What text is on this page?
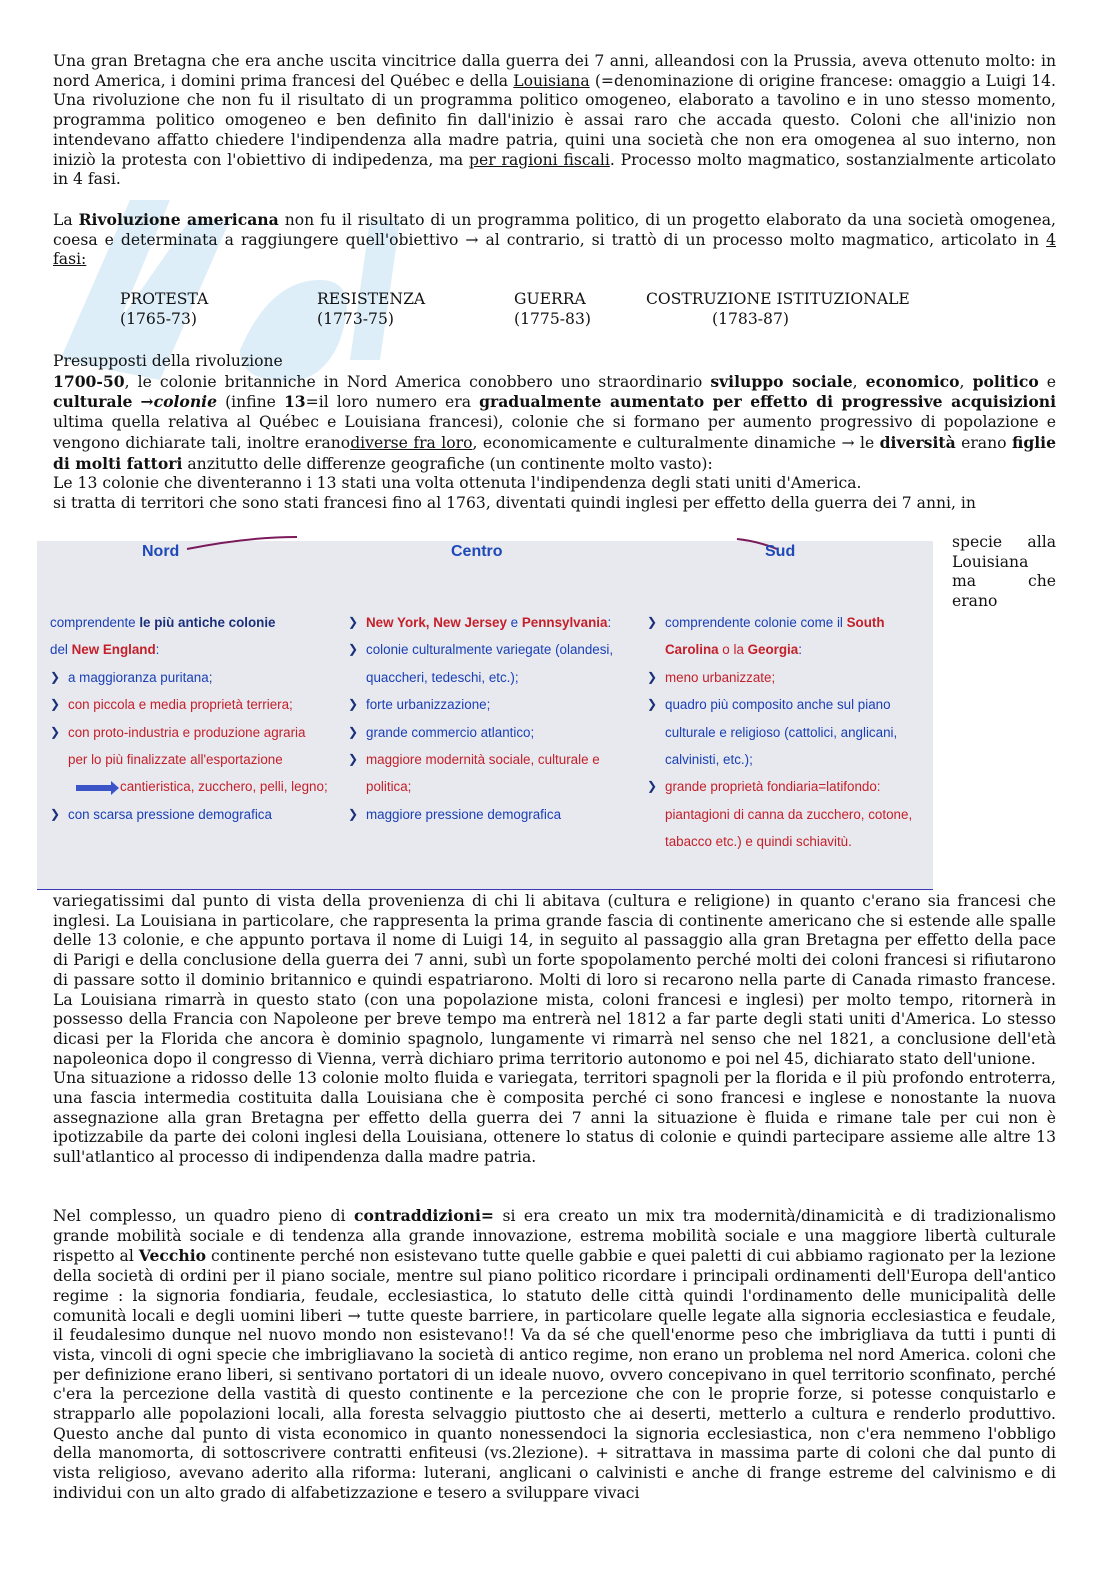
Una gran Bretagna che era anche uscita vincitrice dalla guerra dei 7 anni, alleandosi con la Prussia, aveva ottenuto molto: in nord America, i domini prima francesi del Québec e della Louisiana (=denominazione di origine francese: omaggio a Luigi 14. Una rivoluzione che non fu il risultato di un programma politico omogeneo, elaborato a tavolino e in uno stesso momento, programma politico omogeneo e ben definito fin dall'inizio è assai raro che accada questo. Coloni che all'inizio non intendevano affatto chiedere l'indipendenza alla madre patria, quini una società che non era omogenea al suo interno, non iniziò la protesta con l'obiettivo di indipedenza, ma per ragioni fiscali. Processo molto magmatico, sostanzialmente articolato in 4 fasi.

La Rivoluzione americana non fu il risultato di un programma politico, di un progetto elaborato da una società omogenea, coesa e determinata a raggiungere quell'obiettivo → al contrario, si trattò di un processo molto magmatico, articolato in 4 fasi:

PROTESTA
(1765-73)
RESISTENZA
(1773-75)
GUERRA
(1775-83)
COSTRUZIONE ISTITUZIONALE
(1783-87)

Presupposti della rivoluzione
1700-50, le colonie britanniche in Nord America conobbero uno straordinario sviluppo sociale, economico, politico e culturale →colonie (infine 13=il loro numero era gradualmente aumentato per effetto di progressive acquisizioni ultima quella relativa al Québec e Louisiana francesi), colonie che si formano per aumento progressivo di popolazione e vengono dichiarate tali, inoltre eranodiverse fra loro, economicamente e culturalmente dinamiche → le diversità erano figlie di molti fattori anzitutto delle differenze geografiche (un continente molto vasto):
Le 13 colonie che diventeranno i 13 stati una volta ottenuta l'indipendenza degli stati uniti d'America.
si tratta di territori che sono stati francesi fino al 1763, diventati quindi inglesi per effetto della guerra dei 7 anni, in

specie alla
Louisiana
ma che
erano
Nord	Centro	Sud
comprendente le più antiche colonie
del New England:
❯ a maggioranza puritana;
❯ con piccola e media proprietà terriera;
❯ con proto-industria e produzione agraria per lo più finalizzate all'esportazionecantieristica, zucchero, pelli, legno;
❯ con scarsa pressione demografica
❯ New York, New Jersey e Pennsylvania:
❯ colonie culturalmente variegate (olandesi, quaccheri, tedeschi, etc.);
❯ forte urbanizzazione;
❯ grande commercio atlantico;
❯ maggiore modernità sociale, culturale e politica;
❯ maggiore pressione demografica
❯ comprendente colonie come il South Carolina o la Georgia:
❯ meno urbanizzate;
❯ quadro più composito anche sul piano culturale e religioso (cattolici, anglicani, calvinisti, etc.);
❯ grande proprietà fondiaria=latifondo: piantagioni di canna da zucchero, cotone, tabacco etc.) e quindi schiavitù.

variegatissimi dal punto di vista della provenienza di chi li abitava (cultura e religione) in quanto c'erano sia francesi che inglesi. La Louisiana in particolare, che rappresenta la prima grande fascia di continente americano che si estende alle spalle delle 13 colonie, e che appunto portava il nome di Luigi 14, in seguito al passaggio alla gran Bretagna per effetto della pace di Parigi e della conclusione della guerra dei 7 anni, subì un forte spopolamento perché molti dei coloni francesi si rifiutarono di passare sotto il dominio britannico e quindi espatriarono. Molti di loro si recarono nella parte di Canada rimasto francese. La Louisiana rimarrà in questo stato (con una popolazione mista, coloni francesi e inglesi) per molto tempo, ritornerà in possesso della Francia con Napoleone per breve tempo ma entrerà nel 1812 a far parte degli stati uniti d'America. Lo stesso dicasi per la Florida che ancora è dominio spagnolo, lungamente vi rimarrà nel senso che nel 1821, a conclusione dell'età napoleonica dopo il congresso di Vienna, verrà dichiaro prima territorio autonomo e poi nel 45, dichiarato stato dell'unione.
Una situazione a ridosso delle 13 colonie molto fluida e variegata, territori spagnoli per la florida e il più profondo entroterra, una fascia intermedia costituita dalla Louisiana che è composita perché ci sono francesi e inglese e nonostante la nuova assegnazione alla gran Bretagna per effetto della guerra dei 7 anni la situazione è fluida e rimane tale per cui non è ipotizzabile da parte dei coloni inglesi della Louisiana, ottenere lo status di colonie e quindi partecipare assieme alle altre 13 sull'atlantico al processo di indipendenza dalla madre patria.

Nel complesso, un quadro pieno di contraddizioni= si era creato un mix tra modernità/dinamicità e di tradizionalismo grande mobilità sociale e di tendenza alla grande innovazione, estrema mobilità sociale e una maggiore libertà culturale rispetto al Vecchio continente perché non esistevano tutte quelle gabbie e quei paletti di cui abbiamo ragionato per la lezione della società di ordini per il piano sociale, mentre sul piano politico ricordare i principali ordinamenti dell'Europa dell'antico regime : la signoria fondiaria, feudale, ecclesiastica, lo statuto delle città quindi l'ordinamento delle municipalità delle comunità locali e degli uomini liberi → tutte queste barriere, in particolare quelle legate alla signoria ecclesiastica e feudale, il feudalesimo dunque nel nuovo mondo non esistevano!! Va da sé che quell'enorme peso che imbrigliava da tutti i punti di vista, vincoli di ogni specie che imbrigliavano la società di antico regime, non erano un problema nel nord America. coloni che per definizione erano liberi, si sentivano portatori di un ideale nuovo, ovvero concepivano in quel territorio sconfinato, perché c'era la percezione della vastità di questo continente e la percezione che con le proprie forze, si potesse conquistarlo e strapparlo alle popolazioni locali, alla foresta selvaggio piuttosto che ai deserti, metterlo a cultura e renderlo produttivo. Questo anche dal punto di vista economico in quanto nonessendoci la signoria ecclesiastica, non c'era nemmeno l'obbligo della manomorta, di sottoscrivere contratti enfiteusi (vs.2lezione). + sitrattava in massima parte di coloni che dal punto di vista religioso, avevano aderito alla riforma: luterani, anglicani o calvinisti e anche di frange estreme del calvinismo e di individui con un alto grado di alfabetizzazione e tesero a sviluppare vivaci
